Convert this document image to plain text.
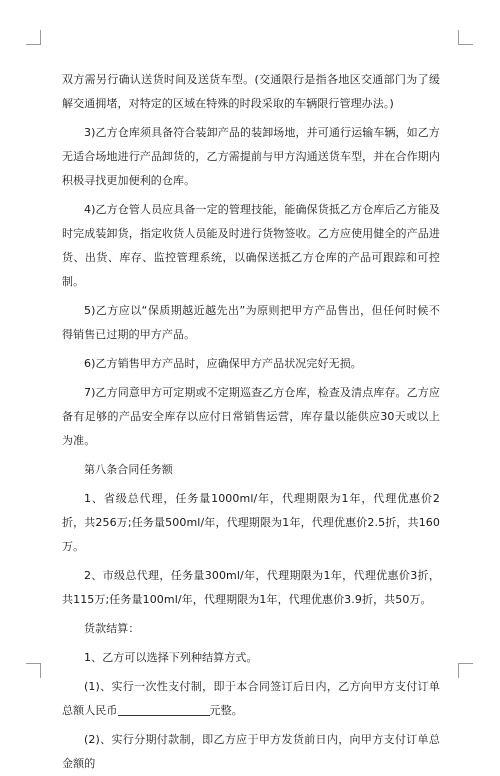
双方需另行确认送货时间及送货车型。(交通限行是指各地区交通部门为了缓解交通拥堵，对特定的区域在特殊的时段采取的车辆限行管理办法。)

3)乙方仓库须具备符合装卸产品的装卸场地，并可通行运输车辆，如乙方无适合场地进行产品卸货的，乙方需提前与甲方沟通送货车型，并在合作期内积极寻找更加便利的仓库。

4)乙方仓管人员应具备一定的管理技能，能确保货抵乙方仓库后乙方能及时完成装卸货，指定收货人员能及时进行货物签收。乙方应使用健全的产品进货、出货、库存、监控管理系统，以确保送抵乙方仓库的产品可跟踪和可控制。

5)乙方应以“保质期越近越先出”为原则把甲方产品售出，但任何时候不得销售已过期的甲方产品。

6)乙方销售甲方产品时，应确保甲方产品状况完好无损。

7)乙方同意甲方可定期或不定期巡查乙方仓库，检查及清点库存。乙方应备有足够的产品安全库存以应付日常销售运营，库存量以能供应30天或以上为准。

第八条合同任务额

1、省级总代理，任务量1000ml/年，代理期限为1年，代理优惠价2折，共256万;任务量500ml/年，代理期限为1年，代理优惠价2.5折，共160万。

2、市级总代理，任务量300ml/年，代理期限为1年，代理优惠价3折，共115万;任务量100ml/年，代理期限为1年，代理优惠价3.9折，共50万。

货款结算：

1、乙方可以选择下列种结算方式。

(1)、实行一次性支付制，即于本合同签订后日内，乙方向甲方支付订单总额人民币	元整。

(2)、实行分期付款制，即乙方应于甲方发货前日内，向甲方支付订单总金额的
